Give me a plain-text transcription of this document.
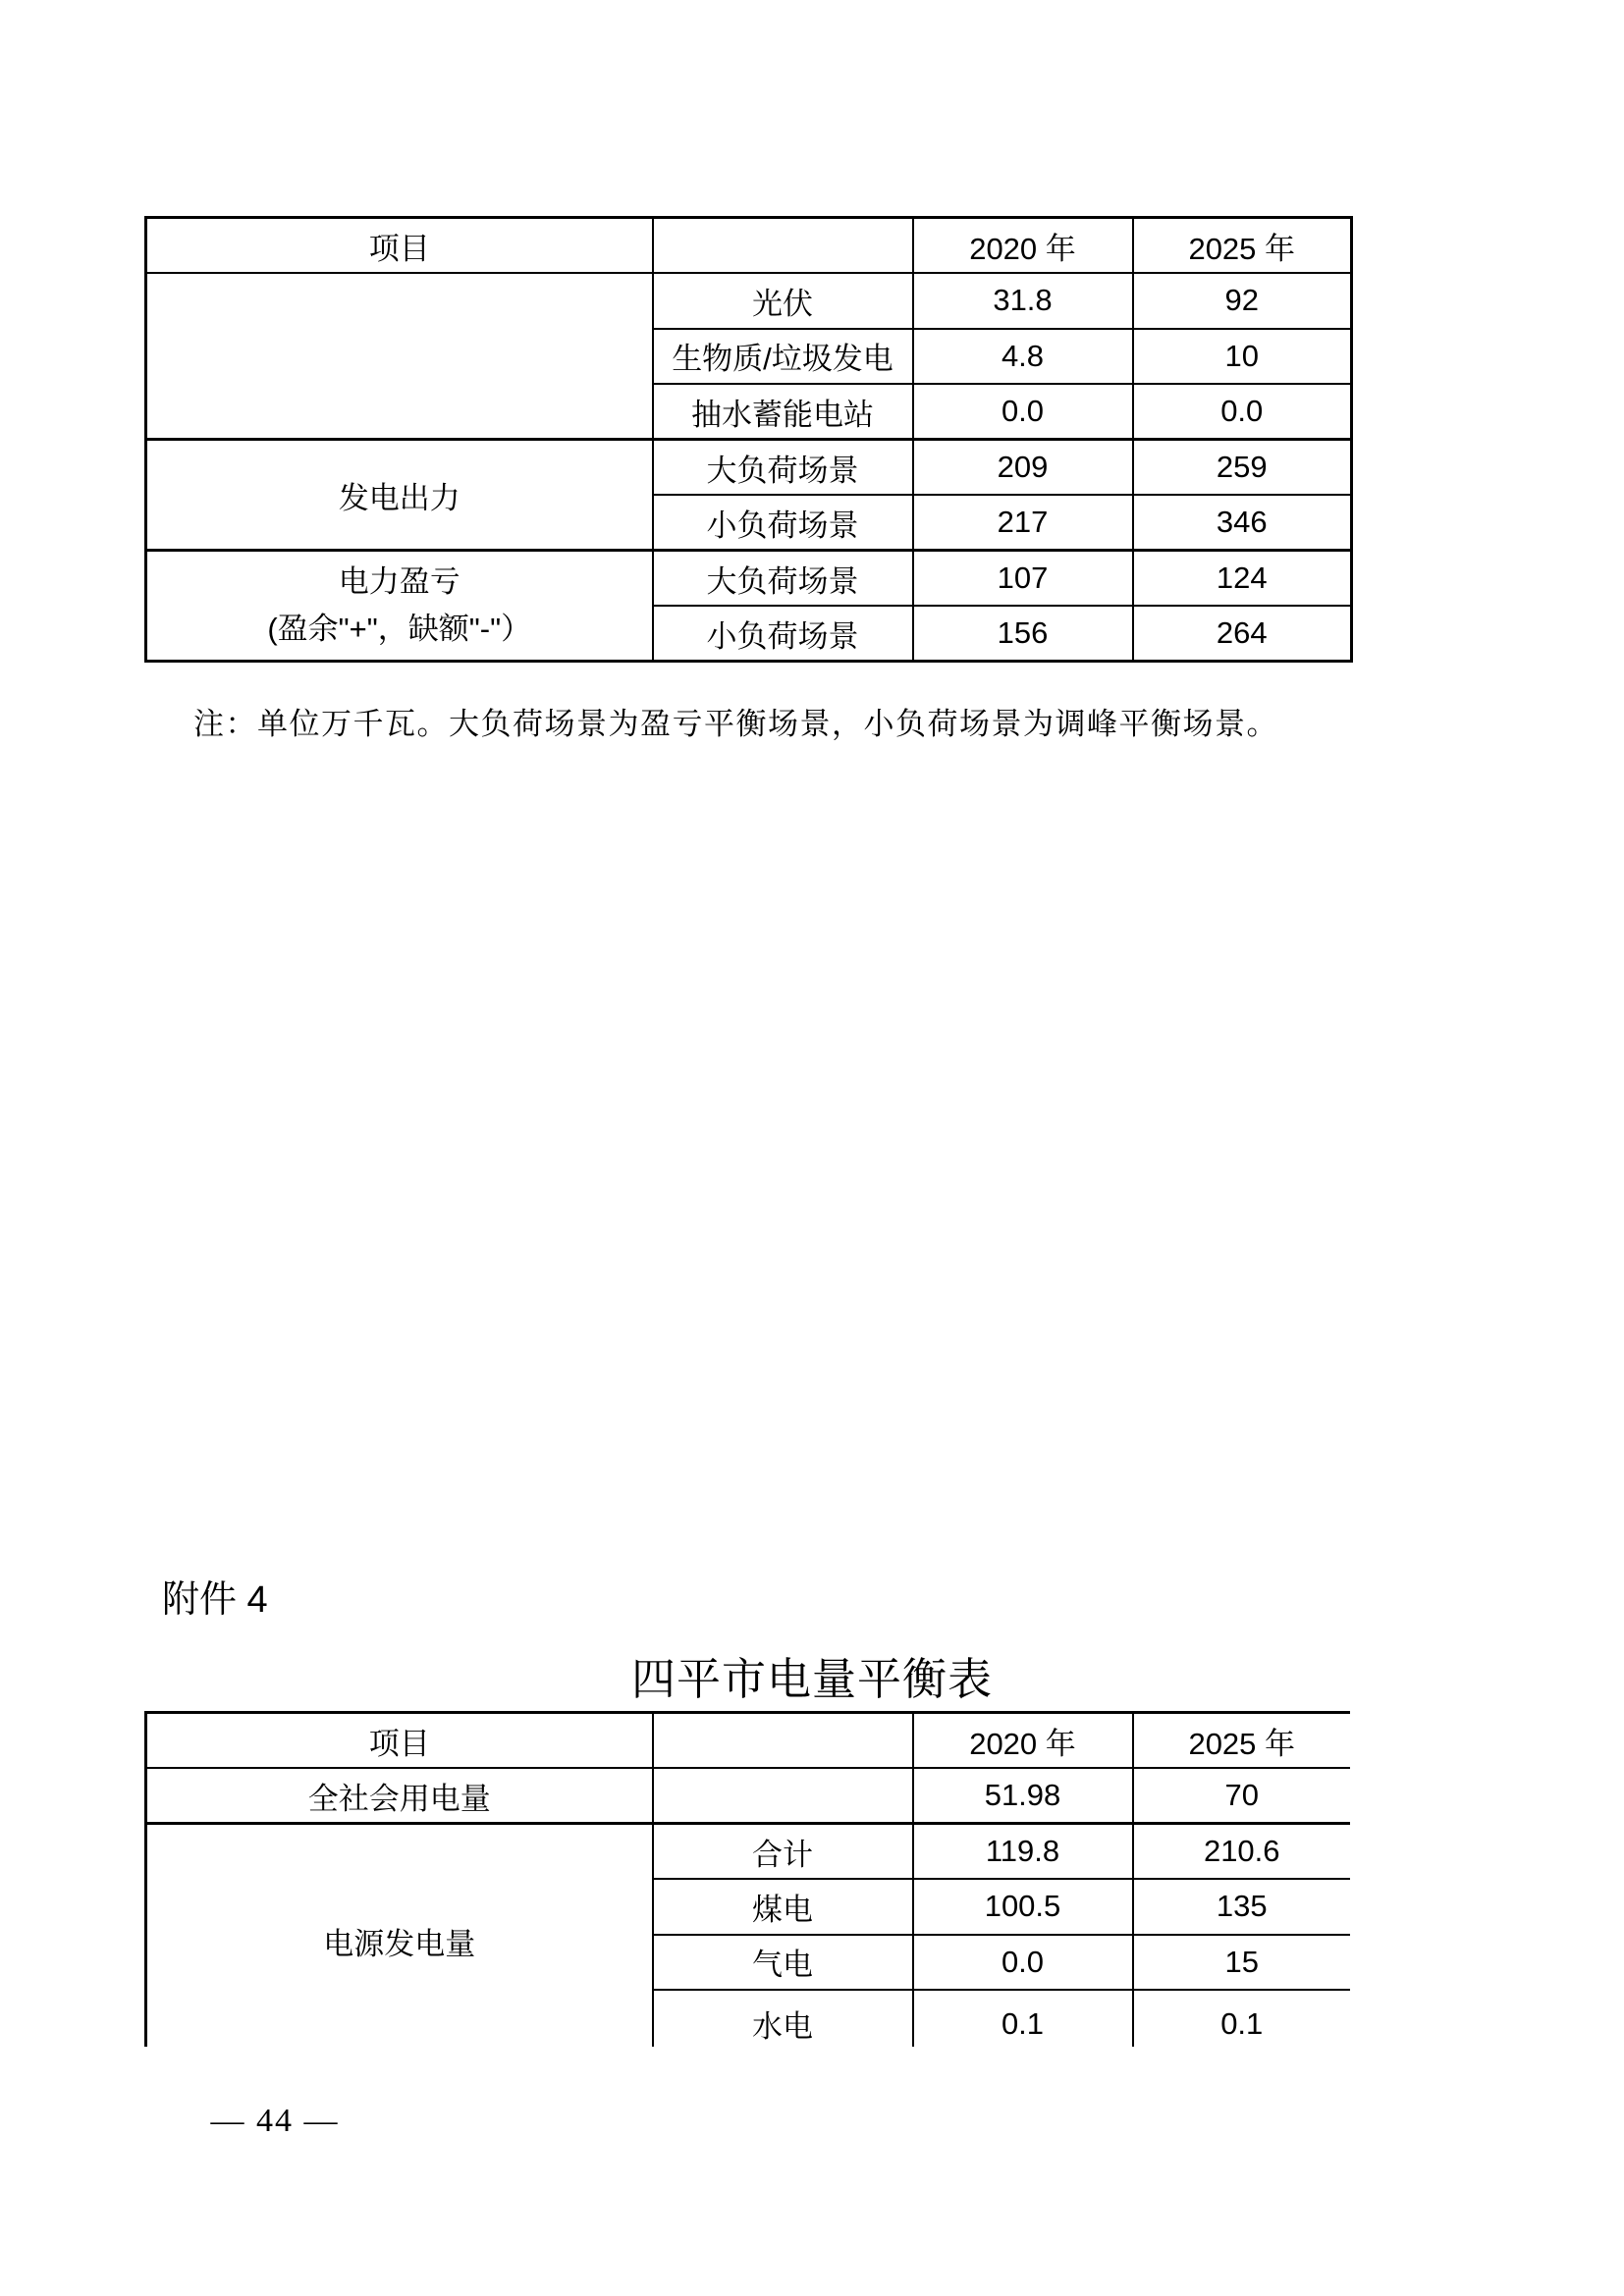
项目		2020 年	2025 年
	光伏	31.8	92
	生物质/垃圾发电	4.8	10
	抽水蓄能电站	0.0	0.0
发电出力	大负荷场景	209	259
	小负荷场景	217	346

电力盈亏
(盈余"+"，缺额"-"）	大负荷场景	107	124
	小负荷场景	156	264
注：单位万千瓦。大负荷场景为盈亏平衡场景，小负荷场景为调峰平衡场景。
附件 4
四平市电量平衡表
项目		2020 年	2025 年
全社会用电量		51.98	70
电源发电量	合计	119.8	210.6
	煤电	100.5	135
	气电	0.0	15
	水电	0.1	0.1
— 44 —
